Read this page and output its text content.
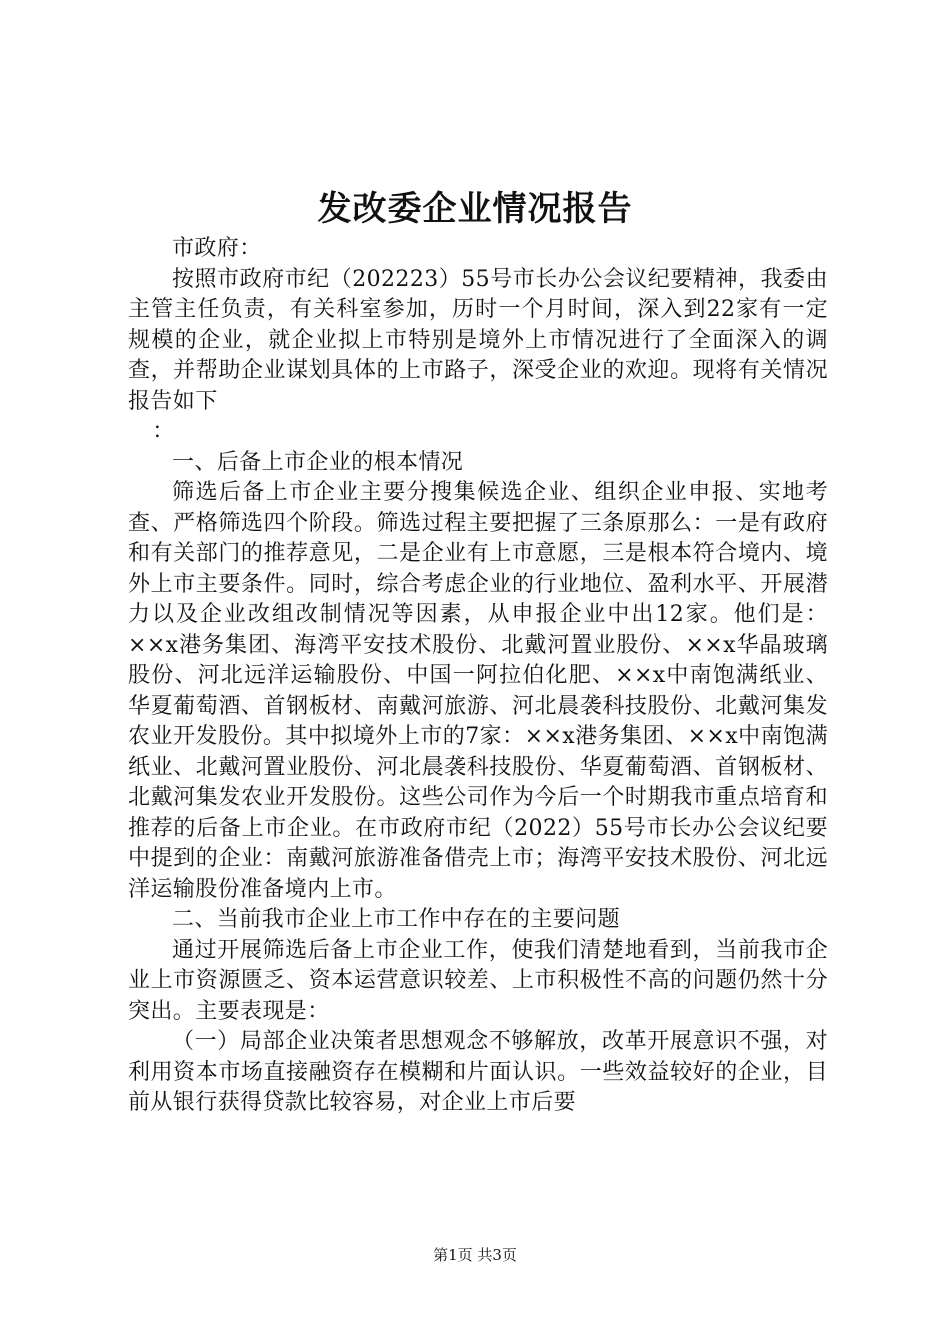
发改委企业情况报告

市政府：

按照市政府市纪（202223）55号市长办公会议纪要精神，我委由主管主任负责，有关科室参加，历时一个月时间，深入到22家有一定规模的企业，就企业拟上市特别是境外上市情况进行了全面深入的调查，并帮助企业谋划具体的上市路子，深受企业的欢迎。现将有关情况报告如下

：

一、后备上市企业的根本情况

筛选后备上市企业主要分搜集候选企业、组织企业申报、实地考查、严格筛选四个阶段。筛选过程主要把握了三条原那么：一是有政府和有关部门的推荐意见，二是企业有上市意愿，三是根本符合境内、境外上市主要条件。同时，综合考虑企业的行业地位、盈利水平、开展潜力以及企业改组改制情况等因素，从申报企业中出12家。他们是：××x港务集团、海湾平安技术股份、北戴河置业股份、××x华晶玻璃股份、河北远洋运输股份、中国一阿拉伯化肥、××x中南饱满纸业、华夏葡萄酒、首钢板材、南戴河旅游、河北晨袭科技股份、北戴河集发农业开发股份。其中拟境外上市的7家：××x港务集团、××x中南饱满纸业、北戴河置业股份、河北晨袭科技股份、华夏葡萄酒、首钢板材、北戴河集发农业开发股份。这些公司作为今后一个时期我市重点培育和推荐的后备上市企业。在市政府市纪（2022）55号市长办公会议纪要中提到的企业：南戴河旅游准备借壳上市；海湾平安技术股份、河北远洋运输股份准备境内上市。

二、当前我市企业上市工作中存在的主要问题

通过开展筛选后备上市企业工作，使我们清楚地看到，当前我市企业上市资源匮乏、资本运营意识较差、上市积极性不高的问题仍然十分突出。主要表现是：

（一）局部企业决策者思想观念不够解放，改革开展意识不强，对利用资本市场直接融资存在模糊和片面认识。一些效益较好的企业，目前从银行获得贷款比较容易，对企业上市后要

第1页 共3页
